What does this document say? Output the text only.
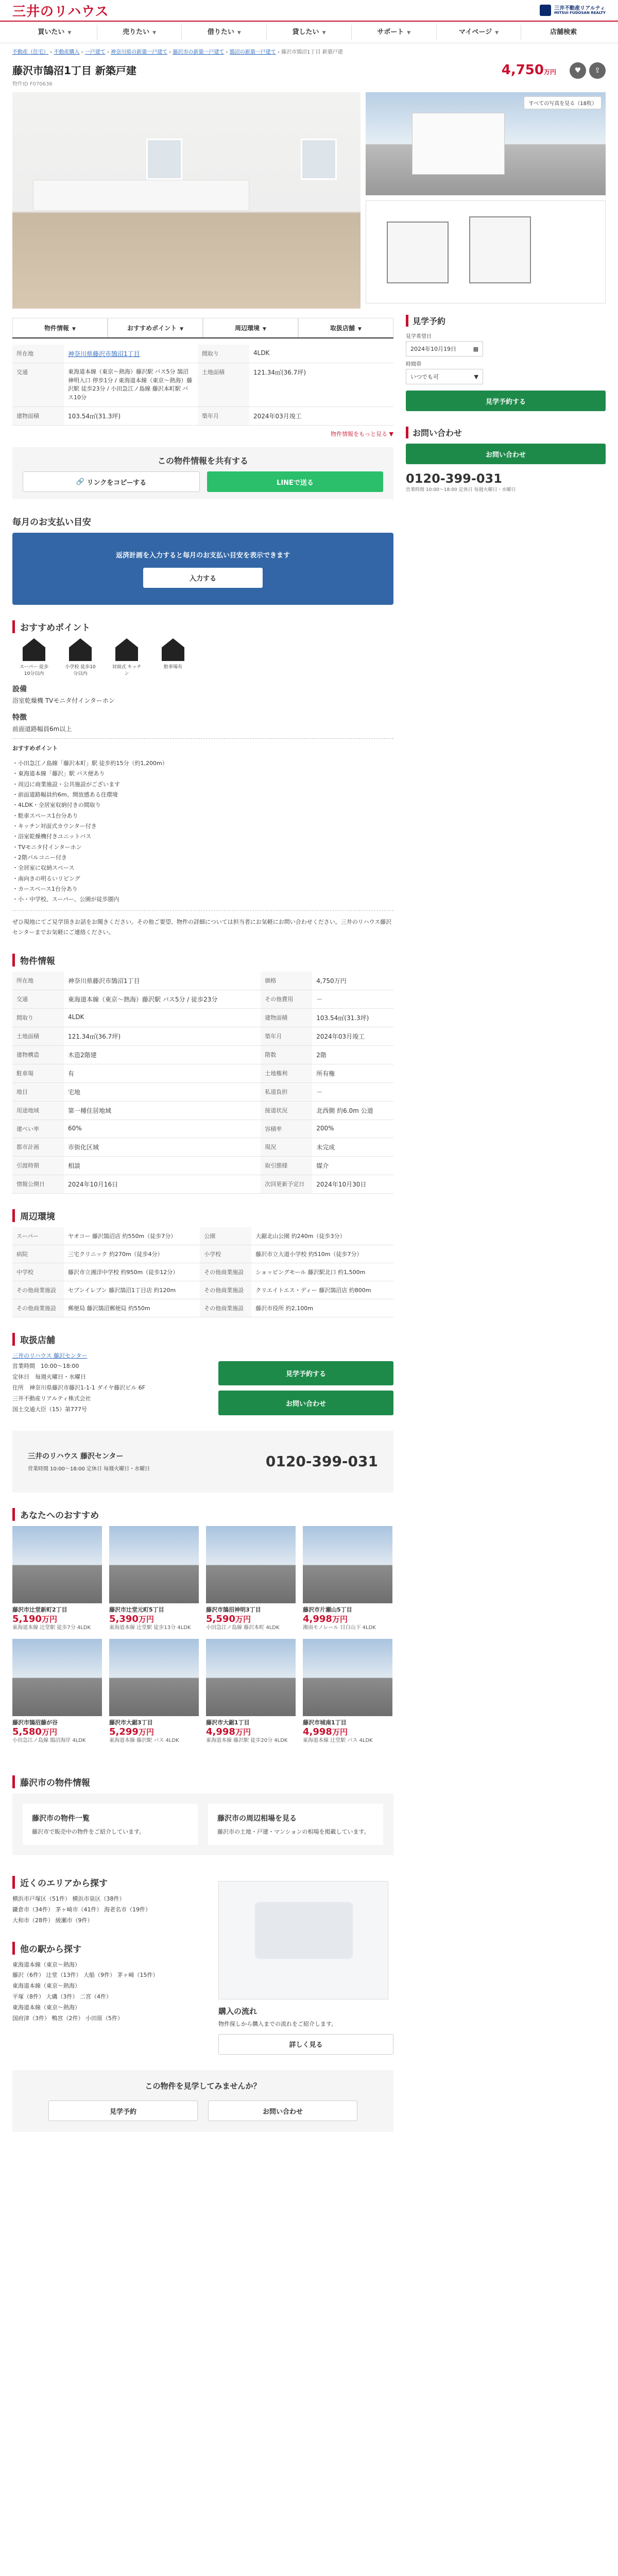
三井のリハウス	三井不動産リアルティ
MITSUI FUDOSAN REALTY
買いたい ▼	売りたい ▼	借りたい ▼	貸したい ▼	サポート ▼	マイページ ▼	店舗検索
不動産（住宅） › 不動産購入 › 一戸建て › 神奈川県の新築一戸建て › 藤沢市の新築一戸建て › 鵠沼の新築一戸建て › 藤沢市鵠沼1丁目 新築戸建
藤沢市鵠沼1丁目 新築戸建
物件ID F070636
4,750万円	♥	⇪
すべての写真を見る（18枚）
物件情報 ▼	おすすめポイント ▼	周辺環境 ▼	取扱店舗 ▼
所在地	神奈川県藤沢市鵠沼1丁目	間取り	4LDK
交通	東海道本線（東京〜熱海）藤沢駅 バス5分 鵠沼神明入口 停歩1分 / 東海道本線（東京〜熱海）藤沢駅 徒歩23分 / 小田急江ノ島線 藤沢本町駅 バス10分	土地面積	121.34㎡(36.7坪)
建物面積	103.54㎡(31.3坪)	築年月	2024年03月竣工
物件情報をもっと見る ▼
この物件情報を共有する
🔗 リンクをコピーする	LINEで送る
毎月のお支払い目安
返済計画を入力すると毎月のお支払い目安を表示できます
入力する
おすすめポイント
スーパー 徒歩10分以内
小学校 徒歩10分以内
対面式 キッチン
駐車場有
設備
浴室乾燥機 TVモニタ付インターホン
特徴
前面道路幅員6m以上
おすすめポイント
・小田急江ノ島線「藤沢本町」駅 徒歩約15分（約1,200m）
・東海道本線「藤沢」駅 バス便あり
・周辺に商業施設・公共施設がございます
・前面道路幅員約6m、開放感ある住環境
・4LDK・全居室収納付きの間取り
・駐車スペース1台分あり
・キッチン対面式カウンター付き
・浴室乾燥機付きユニットバス
・TVモニタ付インターホン
・2階バルコニー付き
・全居室に収納スペース
・南向きの明るいリビング
・カースペース1台分あり
・小・中学校、スーパー、公園が徒歩圏内
ぜひ現地にてご見学頂きお話をお聞きください。その他ご要望、物件の詳細については担当者にお気軽にお問い合わせください。三井のリハウス藤沢センターまでお気軽にご連絡ください。
物件情報
所在地	神奈川県藤沢市鵠沼1丁目	価格	4,750万円
交通	東海道本線（東京〜熱海）藤沢駅 バス5分 / 徒歩23分	その他費用	－
間取り	4LDK	建物面積	103.54㎡(31.3坪)
土地面積	121.34㎡(36.7坪)	築年月	2024年03月竣工
建物構造	木造2階建	階数	2階
駐車場	有	土地権利	所有権
地目	宅地	私道負担	－
用途地域	第一種住居地域	接道状況	北西側 約6.0m 公道
建ぺい率	60%	容積率	200%
都市計画	市街化区域	現況	未完成
引渡時期	相談	取引態様	媒介
情報公開日	2024年10月16日	次回更新予定日	2024年10月30日
周辺環境
スーパー	ヤオコー 藤沢鵠沼店 約550m（徒歩7分）	公園	大鋸北山公園 約240m（徒歩3分）
病院	三宅クリニック 約270m（徒歩4分）	小学校	藤沢市立大道小学校 約510m（徒歩7分）
中学校	藤沢市立湘洋中学校 約950m（徒歩12分）	その他商業施設	ショッピングモール 藤沢駅北口 約1,500m
その他商業施設	セブンイレブン 藤沢鵠沼1丁目店 約120m	その他商業施設	クリエイトエス・ディー 藤沢鵠沼店 約800m
その他商業施設	郵便局 藤沢鵠沼郵便局 約550m	その他商業施設	藤沢市役所 約2,100m
取扱店舗
三井のリハウス 藤沢センター
営業時間　10:00〜18:00
定休日　毎週火曜日・水曜日
住所　神奈川県藤沢市藤沢1-1-1 ダイヤ藤沢ビル 6F
三井不動産リアルティ株式会社
国土交通大臣（15）第777号
見学予約する
お問い合わせ
三井のリハウス 藤沢センター
営業時間 10:00〜18:00 定休日 毎週火曜日・水曜日	0120-399-031
あなたへのおすすめ
藤沢市辻堂新町2丁目
5,190万円
東海道本線 辻堂駅 徒歩7分 4LDK
藤沢市辻堂元町5丁目
5,390万円
東海道本線 辻堂駅 徒歩13分 4LDK
藤沢市鵠沼神明3丁目
5,590万円
小田急江ノ島線 藤沢本町 4LDK
藤沢市片瀬山5丁目
4,998万円
湘南モノレール 目白山下 4LDK
藤沢市鵠沼藤が谷
5,580万円
小田急江ノ島線 鵠沼海岸 4LDK
藤沢市大鋸3丁目
5,299万円
東海道本線 藤沢駅 バス 4LDK
藤沢市大鋸1丁目
4,998万円
東海道本線 藤沢駅 徒歩20分 4LDK
藤沢市城南1丁目
4,998万円
東海道本線 辻堂駅 バス 4LDK
藤沢市の物件情報
藤沢市の物件一覧
藤沢市で販売中の物件をご紹介しています。
藤沢市の周辺相場を見る
藤沢市の土地・戸建・マンションの相場を掲載しています。
近くのエリアから探す
横浜市戸塚区（51件） 横浜市泉区（38件）
鎌倉市（34件） 茅ヶ崎市（41件） 海老名市（19件）
大和市（28件） 綾瀬市（9件）
他の駅から探す
東海道本線（東京〜熱海）
藤沢（6件） 辻堂（13件） 大船（9件） 茅ヶ崎（15件）
東海道本線（東京〜熱海）
平塚（8件） 大磯（3件） 二宮（4件）
東海道本線（東京〜熱海）
国府津（3件） 鴨宮（2件） 小田原（5件）
購入の流れ
物件探しから購入までの流れをご紹介します。
詳しく見る
この物件を見学してみませんか？
見学予約	お問い合わせ
見学予約
見学希望日
2024年10月19日	▦
時間帯
いつでも可	▼
見学予約する
お問い合わせ
お問い合わせ
0120-399-031
営業時間 10:00〜18:00 定休日 毎週火曜日・水曜日
